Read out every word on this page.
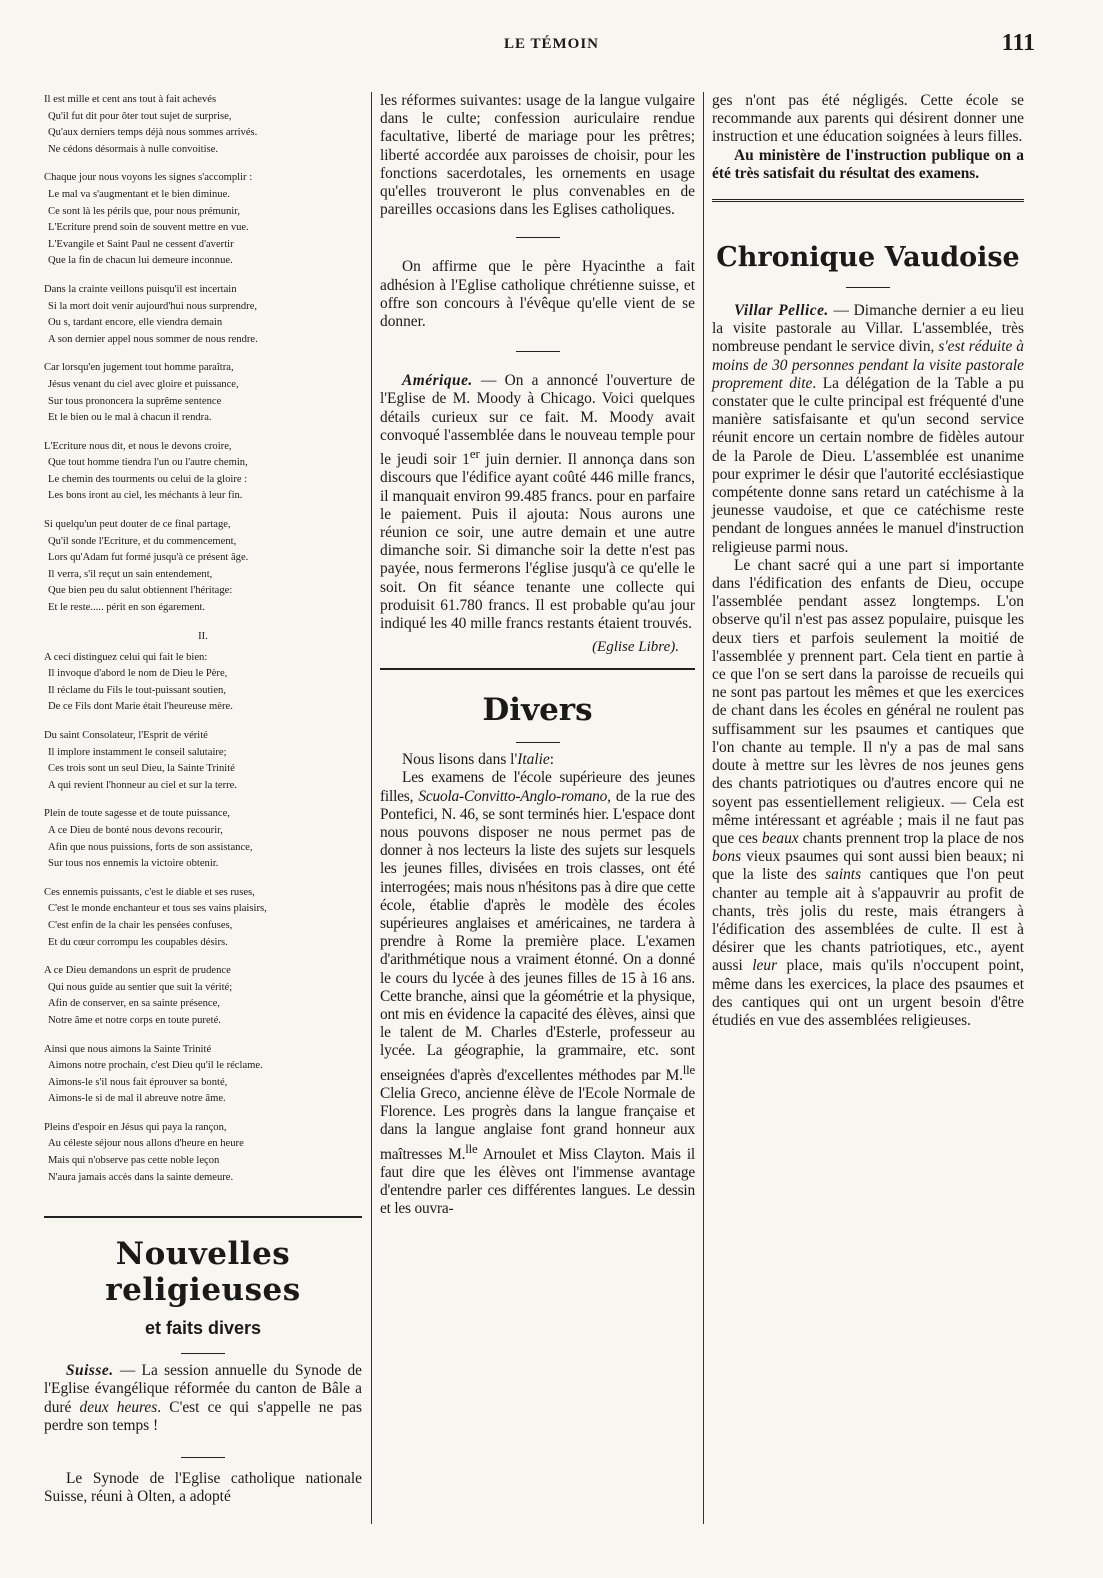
LE TÉMOIN	111
Il est mille et cent ans tout à fait achevés
Qu'il fut dit pour ôter tout sujet de surprise,
Qu'aux derniers temps déjà nous sommes arrivés.
Ne cédons désormais à nulle convoitise.
Chaque jour nous voyons les signes s'accomplir :
Le mal va s'augmentant et le bien diminue.
Ce sont là les périls que, pour nous prémunir,
L'Ecriture prend soin de souvent mettre en vue.
L'Evangile et Saint Paul ne cessent d'avertir
Que la fin de chacun lui demeure inconnue.
Dans la crainte veillons puisqu'il est incertain
Si la mort doit venir aujourd'hui nous surprendre,
Ou s, tardant encore, elle viendra demain
A son dernier appel nous sommer de nous rendre.
Car lorsqu'en jugement tout homme paraîtra,
Jésus venant du ciel avec gloire et puissance,
Sur tous prononcera la suprême sentence
Et le bien ou le mal à chacun il rendra.
L'Ecriture nous dit, et nous le devons croire,
Que tout homme tiendra l'un ou l'autre chemin,
Le chemin des tourments ou celui de la gloire :
Les bons iront au ciel, les méchants à leur fin.
Si quelqu'un peut douter de ce final partage,
Qu'il sonde l'Ecriture, et du commencement,
Lors qu'Adam fut formé jusqu'à ce présent âge.
Il verra, s'il reçut un sain entendement,
Que bien peu du salut obtiennent l'héritage:
Et le reste..... périt en son égarement.
II.
A ceci distinguez celui qui fait le bien:
Il invoque d'abord le nom de Dieu le Père,
Il réclame du Fils le tout-puissant soutien,
De ce Fils dont Marie était l'heureuse mère.
Du saint Consolateur, l'Esprit de vérité
Il implore instamment le conseil salutaire;
Ces trois sont un seul Dieu, la Sainte Trinité
A qui revient l'honneur au ciel et sur la terre.
Plein de toute sagesse et de toute puissance,
A ce Dieu de bonté nous devons recourir,
Afin que nous puissions, forts de son assistance,
Sur tous nos ennemis la victoire obtenir.
Ces ennemis puissants, c'est le diable et ses ruses,
C'est le monde enchanteur et tous ses vains plaisirs,
C'est enfin de la chair les pensées confuses,
Et du cœur corrompu les coupables désirs.
A ce Dieu demandons un esprit de prudence
Qui nous guide au sentier que suit la vérité;
Afin de conserver, en sa sainte présence,
Notre âme et notre corps en toute pureté.
Ainsi que nous aimons la Sainte Trinité
Aimons notre prochain, c'est Dieu qu'il le réclame.
Aimons-le s'il nous fait éprouver sa bonté,
Aimons-le si de mal il abreuve notre âme.
Pleins d'espoir en Jésus qui paya la rançon,
Au céleste séjour nous allons d'heure en heure
Mais qui n'observe pas cette noble leçon
N'aura jamais accès dans la sainte demeure.
Nouvelles religieuses
et faits divers

Suisse. — La session annuelle du Synode de l'Eglise évangélique réformée du canton de Bâle a duré deux heures. C'est ce qui s'appelle ne pas perdre son temps !

Le Synode de l'Eglise catholique nationale Suisse, réuni à Olten, a adopté

les réformes suivantes: usage de la langue vulgaire dans le culte; confession auriculaire rendue facultative, liberté de mariage pour les prêtres; liberté accordée aux paroisses de choisir, pour les fonctions sacerdotales, les ornements en usage qu'elles trouveront le plus convenables en de pareilles occasions dans les Eglises catholiques.

On affirme que le père Hyacinthe a fait adhésion à l'Eglise catholique chrétienne suisse, et offre son concours à l'évêque qu'elle vient de se donner.

Amérique. — On a annoncé l'ouverture de l'Eglise de M. Moody à Chicago. Voici quelques détails curieux sur ce fait. M. Moody avait convoqué l'assemblée dans le nouveau temple pour le jeudi soir 1er juin dernier. Il annonça dans son discours que l'édifice ayant coûté 446 mille francs, il manquait environ 99.485 francs. pour en parfaire le paiement. Puis il ajouta: Nous aurons une réunion ce soir, une autre demain et une autre dimanche soir. Si dimanche soir la dette n'est pas payée, nous fermerons l'église jusqu'à ce qu'elle le soit. On fit séance tenante une collecte qui produisit 61.780 francs. Il est probable qu'au jour indiqué les 40 mille francs restants étaient trouvés.

(Eglise Libre).
Divers

Nous lisons dans l'Italie:

Les examens de l'école supérieure des jeunes filles, Scuola-Convitto-Anglo-romano, de la rue des Pontefici, N. 46, se sont terminés hier. L'espace dont nous pouvons disposer ne nous permet pas de donner à nos lecteurs la liste des sujets sur lesquels les jeunes filles, divisées en trois classes, ont été interrogées; mais nous n'hésitons pas à dire que cette école, établie d'après le modèle des écoles supérieures anglaises et américaines, ne tardera à prendre à Rome la première place. L'examen d'arithmétique nous a vraiment étonné. On a donné le cours du lycée à des jeunes filles de 15 à 16 ans. Cette branche, ainsi que la géométrie et la physique, ont mis en évidence la capacité des élèves, ainsi que le talent de M. Charles d'Esterle, professeur au lycée. La géographie, la grammaire, etc. sont enseignées d'après d'excellentes méthodes par M.$^{lle}$ Clelia Greco, ancienne élève de l'Ecole Normale de Florence. Les progrès dans la langue française et dans la langue anglaise font grand honneur aux maîtresses M.$^{lle}$ Arnoulet et Miss Clayton. Mais il faut dire que les élèves ont l'immense avantage d'entendre parler ces différentes langues. Le dessin et les ouvra-

ges n'ont pas été négligés. Cette école se recommande aux parents qui désirent donner une instruction et une éducation soignées à leurs filles.

Au ministère de l'instruction publique on a été très satisfait du résultat des examens.

Chronique Vaudoise

Villar Pellice. — Dimanche dernier a eu lieu la visite pastorale au Villar. L'assemblée, très nombreuse pendant le service divin, s'est réduite à moins de 30 personnes pendant la visite pastorale proprement dite. La délégation de la Table a pu constater que le culte principal est fréquenté d'une manière satisfaisante et qu'un second service réunit encore un certain nombre de fidèles autour de la Parole de Dieu. L'assemblée est unanime pour exprimer le désir que l'autorité ecclésiastique compétente donne sans retard un catéchisme à la jeunesse vaudoise, et que ce catéchisme reste pendant de longues années le manuel d'instruction religieuse parmi nous.

Le chant sacré qui a une part si importante dans l'édification des enfants de Dieu, occupe l'assemblée pendant assez longtemps. L'on observe qu'il n'est pas assez populaire, puisque les deux tiers et parfois seulement la moitié de l'assemblée y prennent part. Cela tient en partie à ce que l'on se sert dans la paroisse de recueils qui ne sont pas partout les mêmes et que les exercices de chant dans les écoles en général ne roulent pas suffisamment sur les psaumes et cantiques que l'on chante au temple. Il n'y a pas de mal sans doute à mettre sur les lèvres de nos jeunes gens des chants patriotiques ou d'autres encore qui ne soyent pas essentiellement religieux. — Cela est même intéressant et agréable ; mais il ne faut pas que ces beaux chants prennent trop la place de nos bons vieux psaumes qui sont aussi bien beaux; ni que la liste des saints cantiques que l'on peut chanter au temple ait à s'appauvrir au profit de chants, très jolis du reste, mais étrangers à l'édification des assemblées de culte. Il est à désirer que les chants patriotiques, etc., ayent aussi leur place, mais qu'ils n'occupent point, même dans les exercices, la place des psaumes et des cantiques qui ont un urgent besoin d'être étudiés en vue des assemblées religieuses.
